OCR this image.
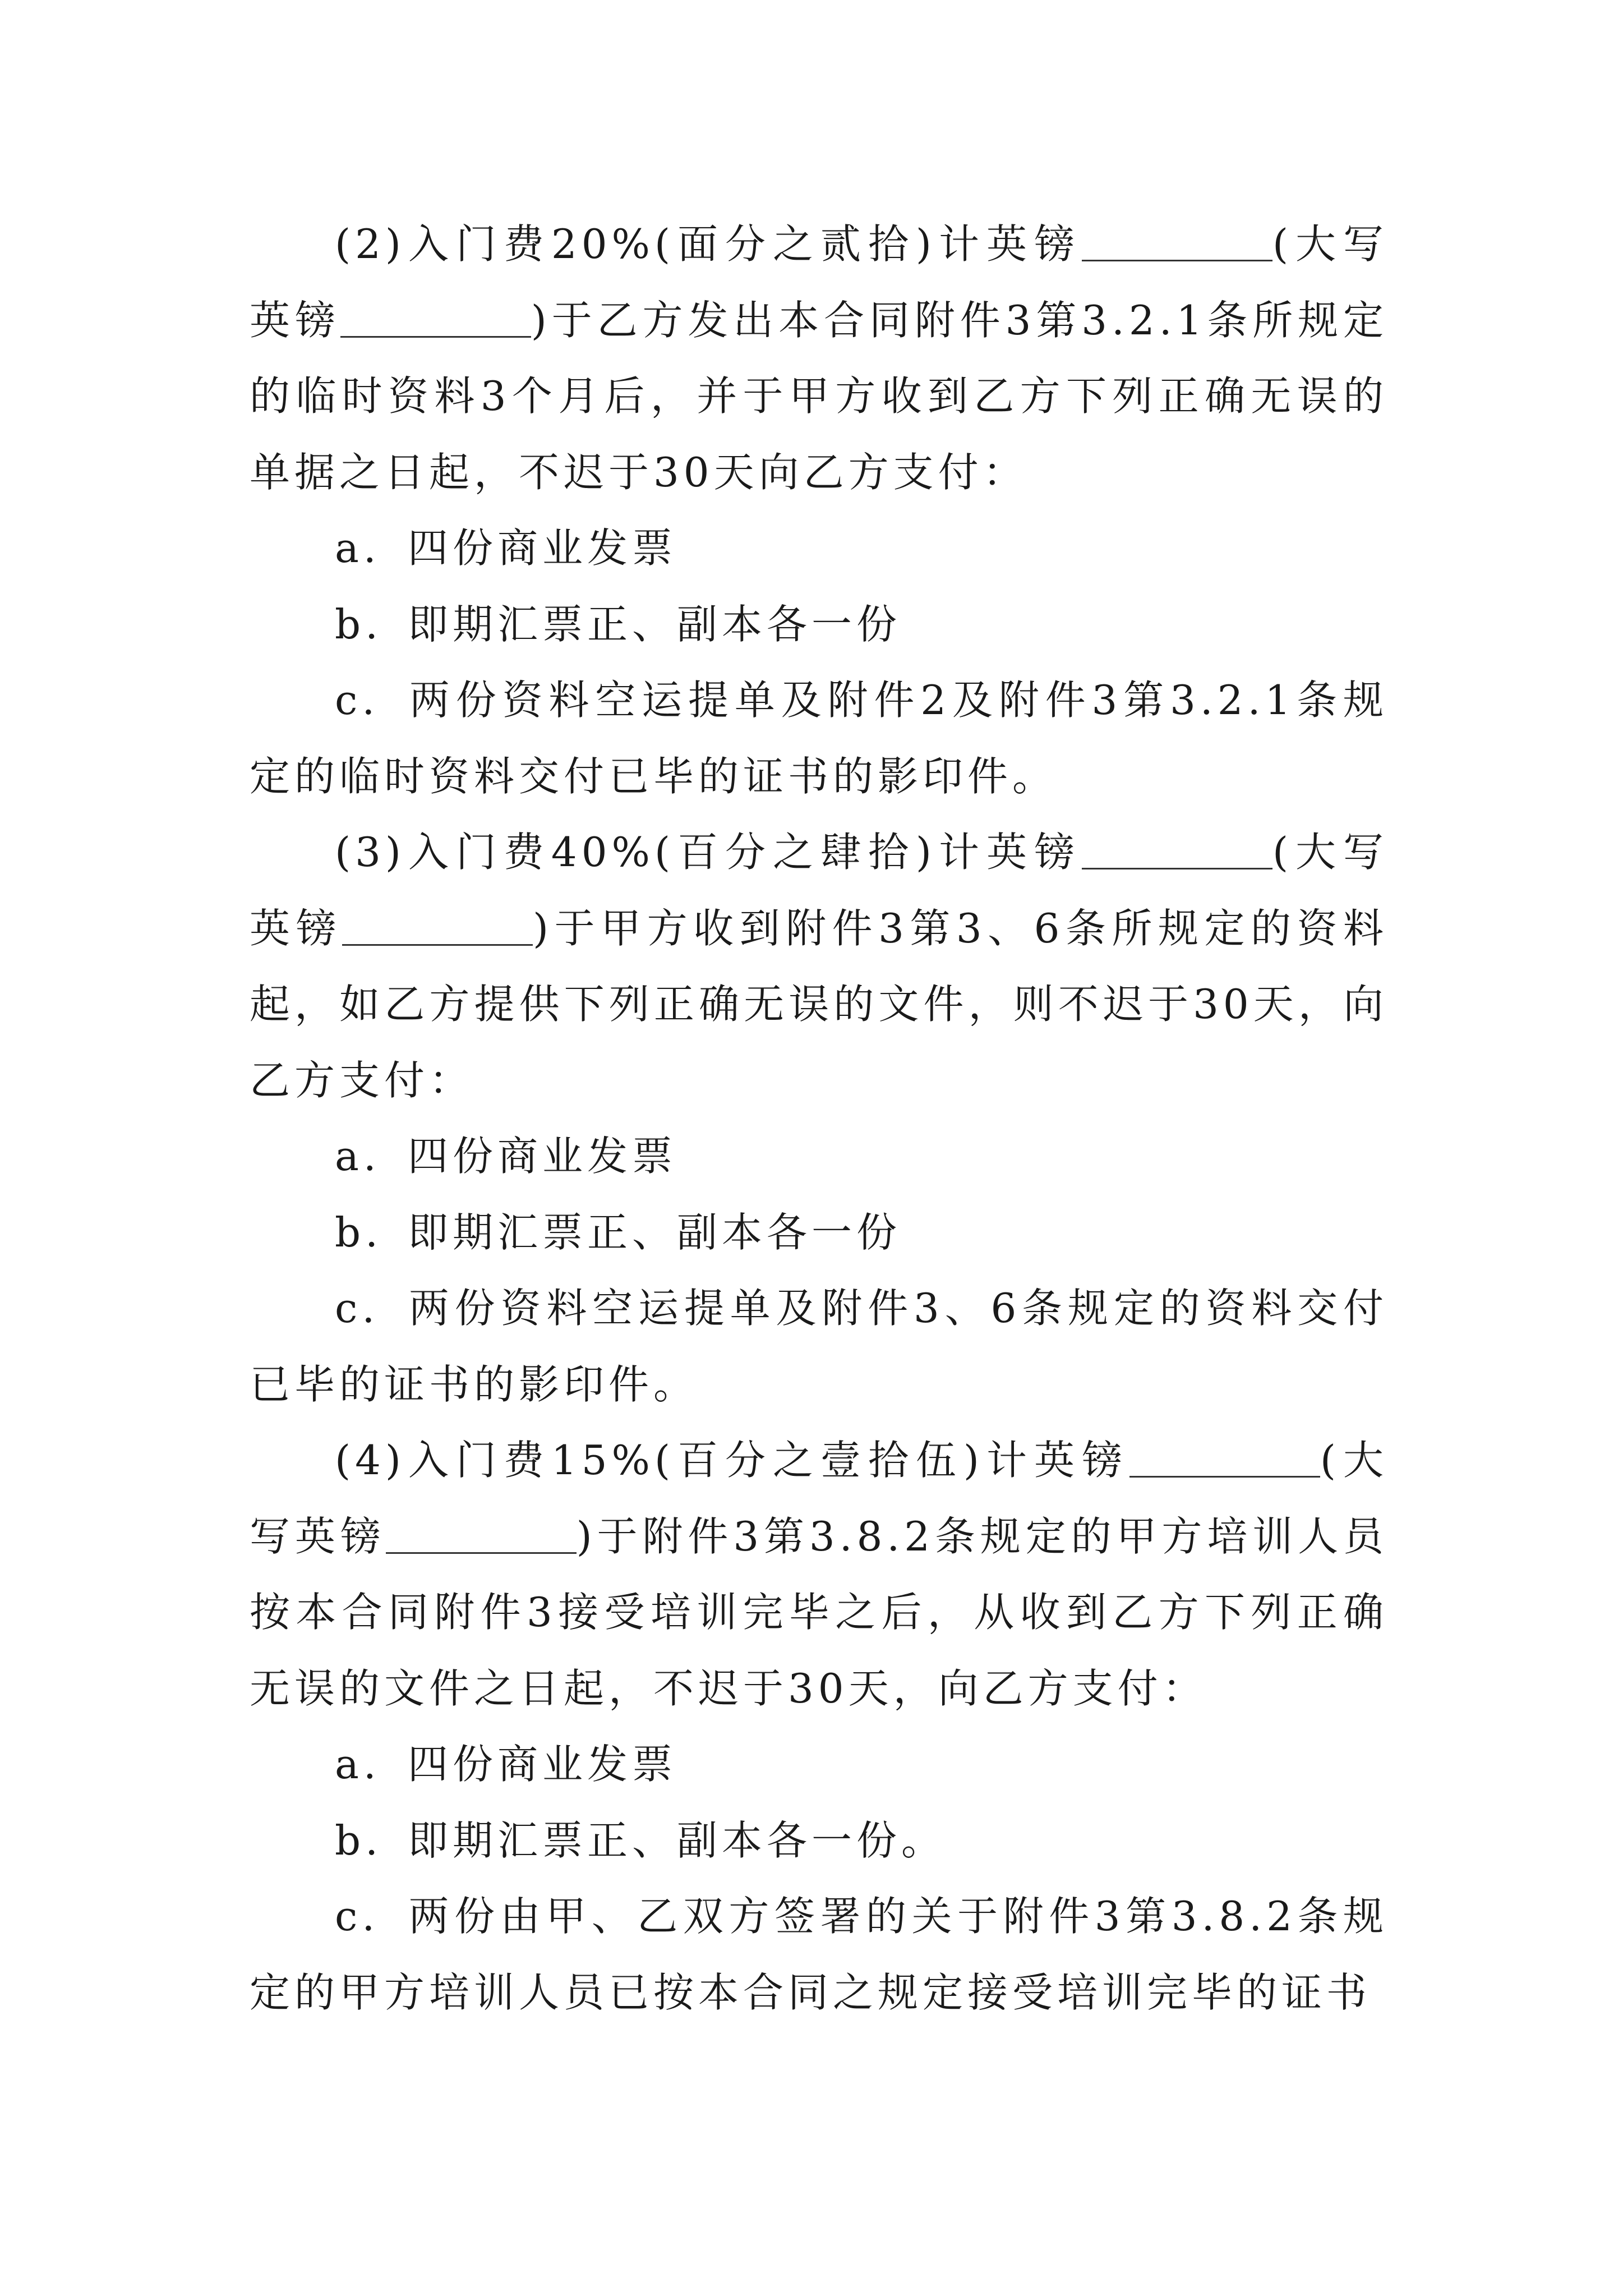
(2)入门费20%(面分之贰拾)计英镑	(大写英镑	)于乙方发出本合同附件3第3.2.1条所规定的临时资料3个月后，并于甲方收到乙方下列正确无误的单据之日起，不迟于30天向乙方支付：

a. 四份商业发票

b. 即期汇票正、副本各一份

c. 两份资料空运提单及附件2及附件3第3.2.1条规定的临时资料交付已毕的证书的影印件。

(3)入门费40%(百分之肆拾)计英镑	(大写英镑	)于甲方收到附件3第3、6条所规定的资料起，如乙方提供下列正确无误的文件，则不迟于30天，向乙方支付：

a. 四份商业发票

b. 即期汇票正、副本各一份

c. 两份资料空运提单及附件3、6条规定的资料交付已毕的证书的影印件。

(4)入门费15%(百分之壹拾伍)计英镑	(大写英镑	)于附件3第3.8.2条规定的甲方培训人员按本合同附件3接受培训完毕之后，从收到乙方下列正确无误的文件之日起，不迟于30天，向乙方支付：

a. 四份商业发票

b. 即期汇票正、副本各一份。

c. 两份由甲、乙双方签署的关于附件3第3.8.2条规定的甲方培训人员已按本合同之规定接受培训完毕的证书
